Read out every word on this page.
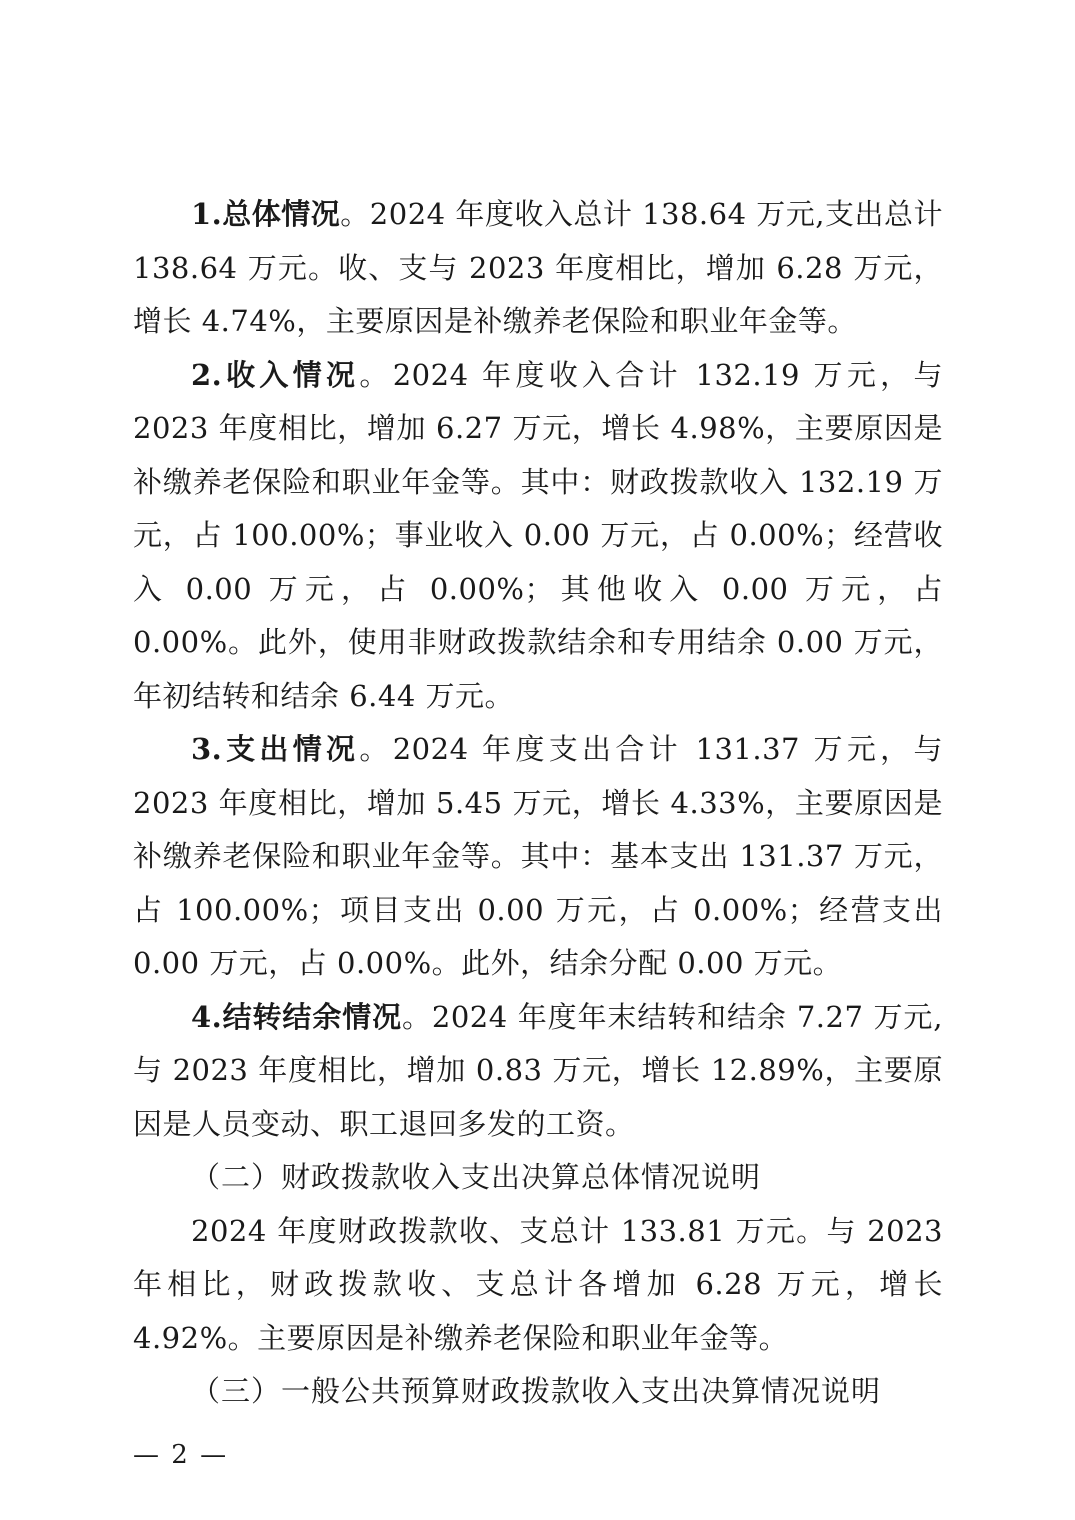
1.总体情况。2024 年度收入总计 138.64 万元,支出总计 138.64 万元。收、支与 2023 年度相比，增加 6.28 万元，增长 4.74%，主要原因是补缴养老保险和职业年金等。

2.收入情况。2024 年度收入合计 132.19 万元，与 2023 年度相比，增加 6.27 万元，增长 4.98%，主要原因是补缴养老保险和职业年金等。其中：财政拨款收入 132.19 万元，占 100.00%；事业收入 0.00 万元，占 0.00%；经营收入 0.00 万元，占 0.00%；其他收入 0.00 万元，占 0.00%。此外，使用非财政拨款结余和专用结余 0.00 万元，年初结转和结余 6.44 万元。

3.支出情况。2024 年度支出合计 131.37 万元，与 2023 年度相比，增加 5.45 万元，增长 4.33%，主要原因是补缴养老保险和职业年金等。其中：基本支出 131.37 万元，占 100.00%；项目支出 0.00 万元，占 0.00%；经营支出 0.00 万元，占 0.00%。此外，结余分配 0.00 万元。

4.结转结余情况。2024 年度年末结转和结余 7.27 万元,与 2023 年度相比，增加 0.83 万元，增长 12.89%，主要原因是人员变动、职工退回多发的工资。

（二）财政拨款收入支出决算总体情况说明

2024 年度财政拨款收、支总计 133.81 万元。与 2023 年相比，财政拨款收、支总计各增加 6.28 万元，增长 4.92%。主要原因是补缴养老保险和职业年金等。

（三）一般公共预算财政拨款收入支出决算情况说明

— 2 —
